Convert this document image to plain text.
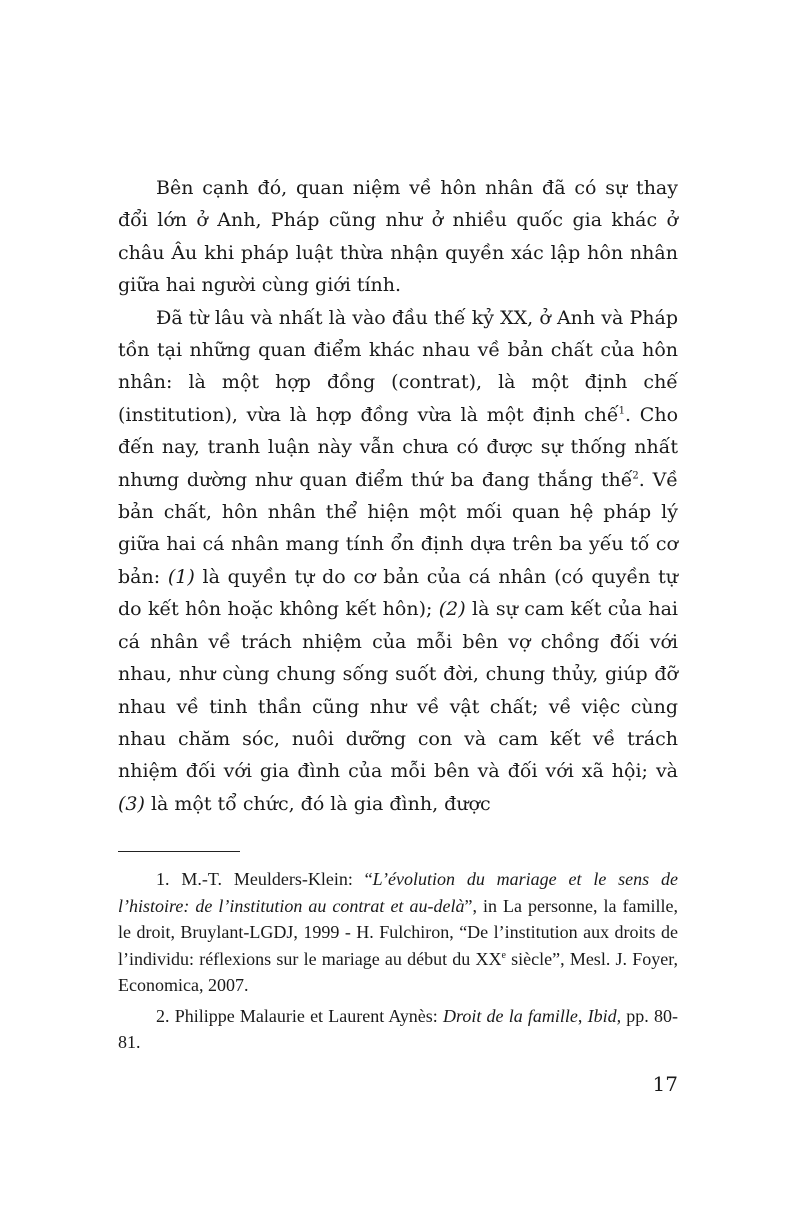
Bên cạnh đó, quan niệm về hôn nhân đã có sự thay đổi lớn ở Anh, Pháp cũng như ở nhiều quốc gia khác ở châu Âu khi pháp luật thừa nhận quyền xác lập hôn nhân giữa hai người cùng giới tính.

Đã từ lâu và nhất là vào đầu thế kỷ XX, ở Anh và Pháp tồn tại những quan điểm khác nhau về bản chất của hôn nhân: là một hợp đồng (contrat), là một định chế (institution), vừa là hợp đồng vừa là một định chế$^1$. Cho đến nay, tranh luận này vẫn chưa có được sự thống nhất nhưng dường như quan điểm thứ ba đang thắng thế$^2$. Về bản chất, hôn nhân thể hiện một mối quan hệ pháp lý giữa hai cá nhân mang tính ổn định dựa trên ba yếu tố cơ bản: (1) là quyền tự do cơ bản của cá nhân (có quyền tự do kết hôn hoặc không kết hôn); (2) là sự cam kết của hai cá nhân về trách nhiệm của mỗi bên vợ chồng đối với nhau, như cùng chung sống suốt đời, chung thủy, giúp đỡ nhau về tinh thần cũng như về vật chất; về việc cùng nhau chăm sóc, nuôi dưỡng con và cam kết về trách nhiệm đối với gia đình của mỗi bên và đối với xã hội; và (3) là một tổ chức, đó là gia đình, được

1. M.-T. Meulders-Klein: “L’évolution du mariage et le sens de l’histoire: de l’institution au contrat et au-delà”, in La personne, la famille, le droit, Bruylant-LGDJ, 1999 - H. Fulchiron, “De l’institution aux droits de l’individu: réflexions sur le mariage au début du XXe siècle”, Mesl. J. Foyer, Economica, 2007.

2. Philippe Malaurie et Laurent Aynès: Droit de la famille, Ibid, pp. 80-81.

17
